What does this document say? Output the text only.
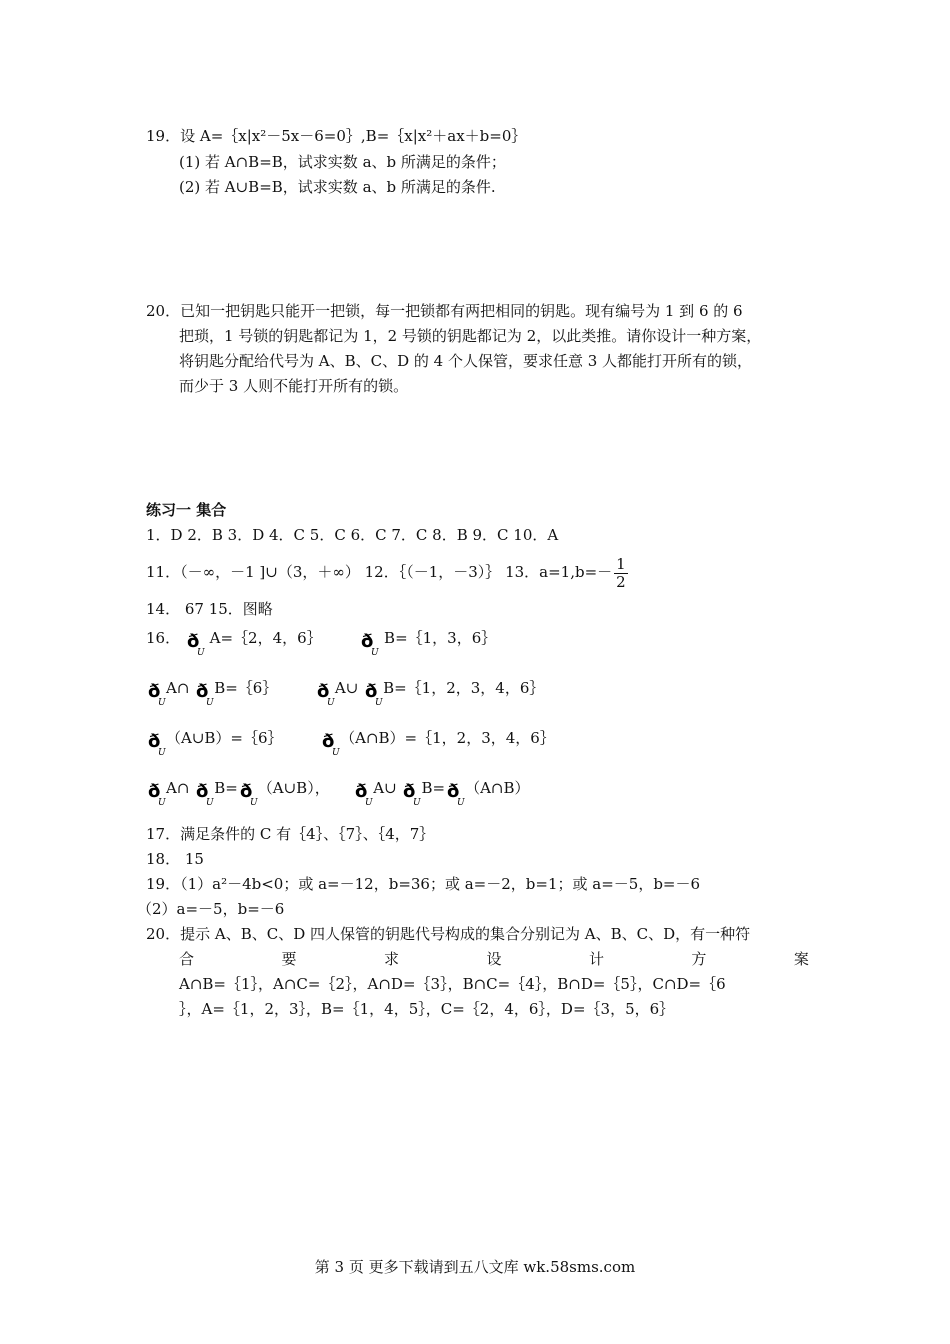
19．设 A=｛x|x²－5x－6=0｝,B=｛x|x²＋ax＋b=0｝
(1) 若 A∩B=B，试求实数 a、b 所满足的条件；
(2) 若 A∪B=B，试求实数 a、b 所满足的条件.
20．已知一把钥匙只能开一把锁，每一把锁都有两把相同的钥匙。现有编号为 1 到 6 的 6
把琐，1 号锁的钥匙都记为 1，2 号锁的钥匙都记为 2，以此类推。请你设计一种方案，
将钥匙分配给代号为 A、B、C、D 的 4 个人保管，要求任意 3 人都能打开所有的锁，
而少于 3 人则不能打开所有的锁。
练习一 集合
1．D 2．B 3．D 4．C 5．C 6．C 7．C 8．B 9．C 10．A
11．（－∞，－1 ]∪（3，＋∞） 12．｛（－1，－3）｝ 13．$a=1,b=- \frac{1}{2}$
14． 67 15．图略
16． ð
U
A=｛2，4，6｝ ð
U
B=｛1，3，6｝
ð
U
A∩ ð
U
B=｛6｝ ð
U
A∪ ð
U
B=｛1，2，3，4，6｝
ð
U
（A∪B）=｛6｝ ð
U
（A∩B）=｛1，2，3，4，6｝
ð
U
A∩ ð
U
B= ð
U
（A∪B）， ð
U
A∪ ð
U
B= ð
U
（A∩B）
17．满足条件的 C 有｛4｝、｛7｝、｛4，7｝
18． 15
19．（1）a²－4b<0；或 a=－12，b=36；或 a=－2，b=1；或 a=－5，b=－6
（2）a=－5，b=－6
20．提示 A、B、C、D 四人保管的钥匙代号构成的集合分别记为 A、B、C、D，有一种符
合	要	求	设	计	方	案
A∩B=｛1｝，A∩C=｛2｝，A∩D=｛3｝，B∩C=｛4｝，B∩D=｛5｝，C∩D=｛6
｝，A=｛1，2，3｝，B=｛1，4，5｝，C=｛2，4，6｝，D=｛3，5，6｝
第 3 页 更多下载请到五八文库 wk.58sms.com
